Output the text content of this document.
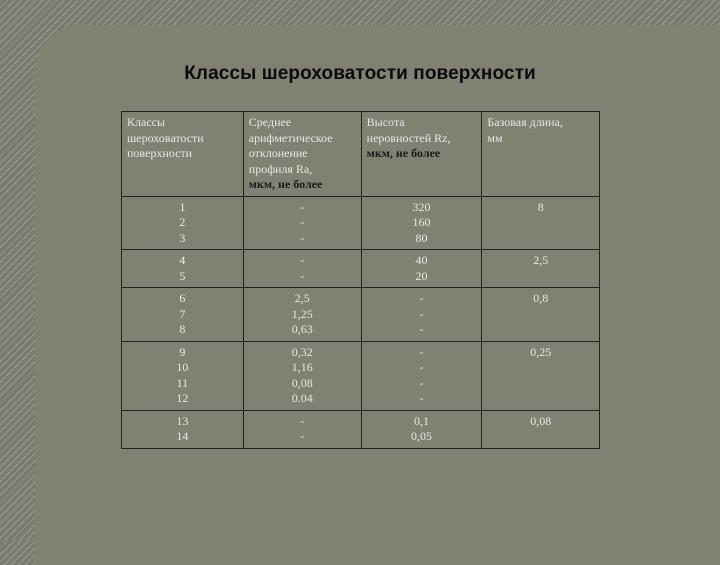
Классы шероховатости поверхности
Классы
шероховатости
поверхности	Среднее
арифметическое
отклонение
профиля Ra,
мкм, не более	Высота
неровностей Rz,
мкм, не более	Базовая длина,
мм

1
2
3	-
-
-	320
160
80	8

4
5	-
-	40
20	2,5

6
7
8	2,5
1,25
0,63	-
-
-	0,8

9
10
11
12	0,32
1,16
0,08
0.04	-
-
-
-	0,25

13
14	-
-	0,1
0,05	0,08
